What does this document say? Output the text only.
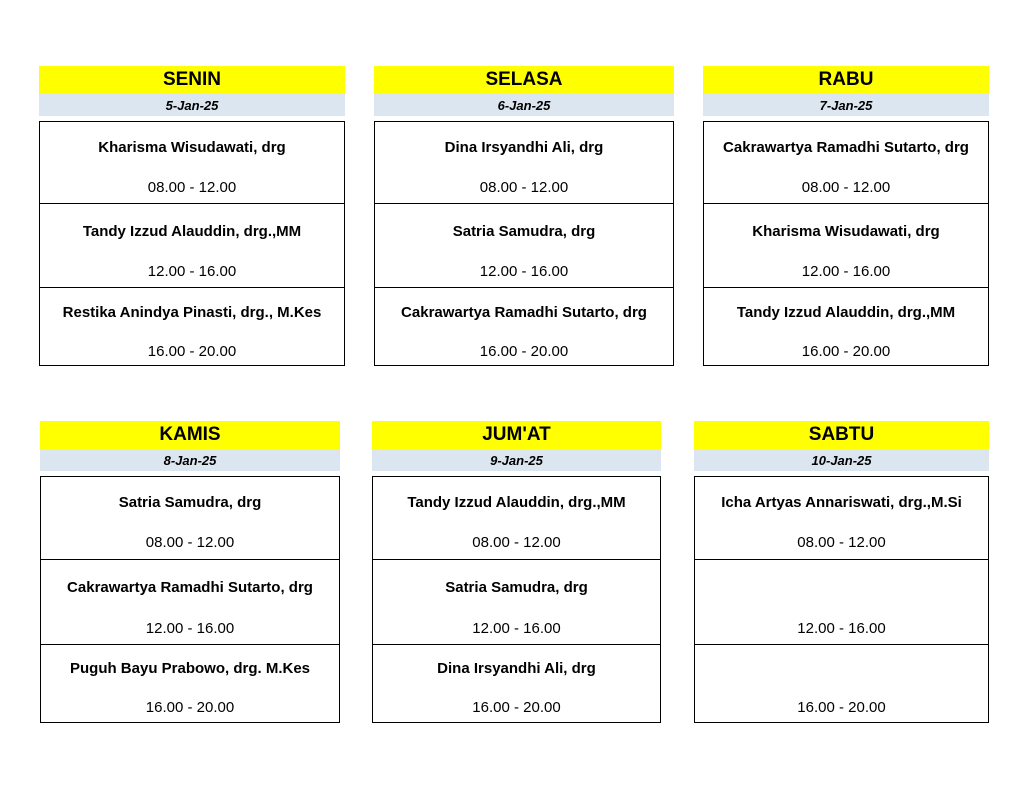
SENIN
5-Jan-25
Kharisma Wisudawati, drg
08.00 - 12.00
Tandy Izzud Alauddin, drg.,MM
12.00 - 16.00
Restika Anindya Pinasti, drg., M.Kes
16.00 - 20.00
SELASA
6-Jan-25
Dina Irsyandhi Ali, drg
08.00 - 12.00
Satria Samudra, drg
12.00 - 16.00
Cakrawartya Ramadhi Sutarto, drg
16.00 - 20.00
RABU
7-Jan-25
Cakrawartya Ramadhi Sutarto, drg
08.00 - 12.00
Kharisma Wisudawati, drg
12.00 - 16.00
Tandy Izzud Alauddin, drg.,MM
16.00 - 20.00
KAMIS
8-Jan-25
Satria Samudra, drg
08.00 - 12.00
Cakrawartya Ramadhi Sutarto, drg
12.00 - 16.00
Puguh Bayu Prabowo, drg. M.Kes
16.00 - 20.00
JUM'AT
9-Jan-25
Tandy Izzud Alauddin, drg.,MM
08.00 - 12.00
Satria Samudra, drg
12.00 - 16.00
Dina Irsyandhi Ali, drg
16.00 - 20.00
SABTU
10-Jan-25
Icha Artyas Annariswati, drg.,M.Si
08.00 - 12.00
12.00 - 16.00
16.00 - 20.00
